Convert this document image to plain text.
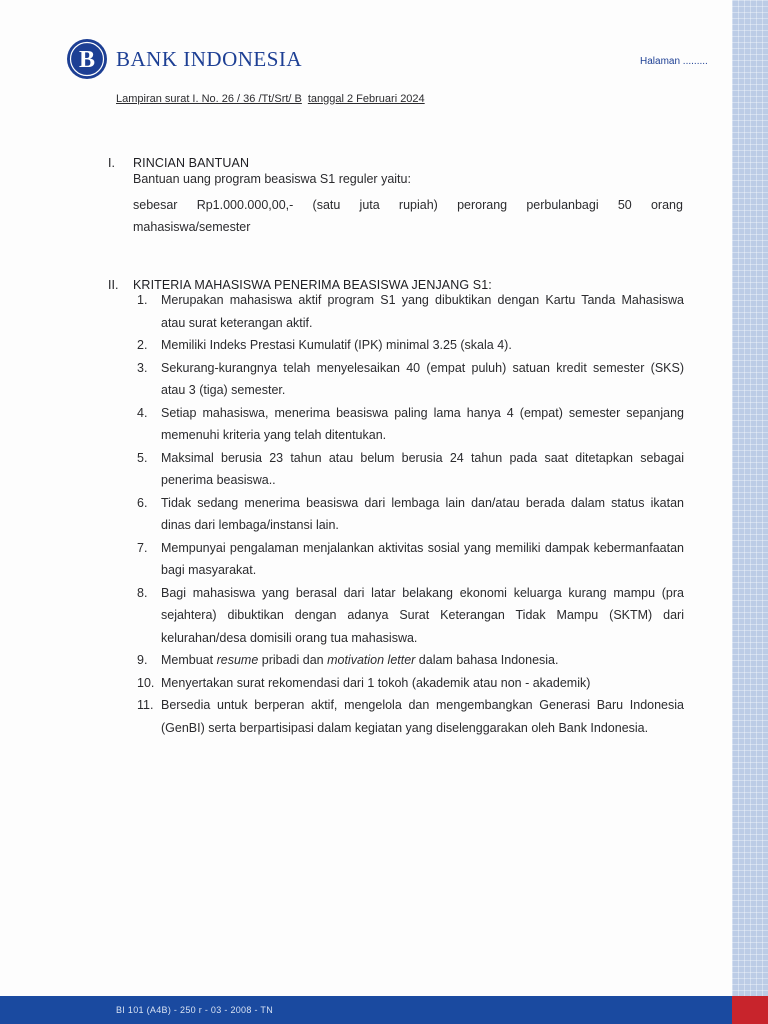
B BANK INDONESIA	Halaman .........
Lampiran surat I. No. 26 / 36 /Tt/Srt/ B tanggal 2 Februari 2024
I.	RINCIAN BANTUAN
Bantuan uang program beasiswa S1 reguler yaitu:
sebesar Rp1.000.000,00,- (satu juta rupiah) perorang perbulanbagi 50 orang
mahasiswa/semester
II.	KRITERIA MAHASISWA PENERIMA BEASISWA JENJANG S1:
1.	Merupakan mahasiswa aktif program S1 yang dibuktikan dengan Kartu Tanda Mahasiswa atau surat keterangan aktif.
2.	Memiliki Indeks Prestasi Kumulatif (IPK) minimal 3.25 (skala 4).
3.	Sekurang-kurangnya telah menyelesaikan 40 (empat puluh) satuan kredit semester (SKS) atau 3 (tiga) semester.
4.	Setiap mahasiswa, menerima beasiswa paling lama hanya 4 (empat) semester sepanjang memenuhi kriteria yang telah ditentukan.
5.	Maksimal berusia 23 tahun atau belum berusia 24 tahun pada saat ditetapkan sebagai penerima beasiswa..
6.	Tidak sedang menerima beasiswa dari lembaga lain dan/atau berada dalam status ikatan dinas dari lembaga/instansi lain.
7.	Mempunyai pengalaman menjalankan aktivitas sosial yang memiliki dampak kebermanfaatan bagi masyarakat.
8.	Bagi mahasiswa yang berasal dari latar belakang ekonomi keluarga kurang mampu (pra sejahtera) dibuktikan dengan adanya Surat Keterangan Tidak Mampu (SKTM) dari kelurahan/desa domisili orang tua mahasiswa.
9.	Membuat resume pribadi dan motivation letter dalam bahasa Indonesia.
10. Menyertakan surat rekomendasi dari 1 tokoh (akademik atau non - akademik)
11. Bersedia untuk berperan aktif, mengelola dan mengembangkan Generasi Baru Indonesia (GenBI) serta berpartisipasi dalam kegiatan yang diselenggarakan oleh Bank Indonesia.
BI 101 (A4B) - 250 r - 03 - 2008 - TN
